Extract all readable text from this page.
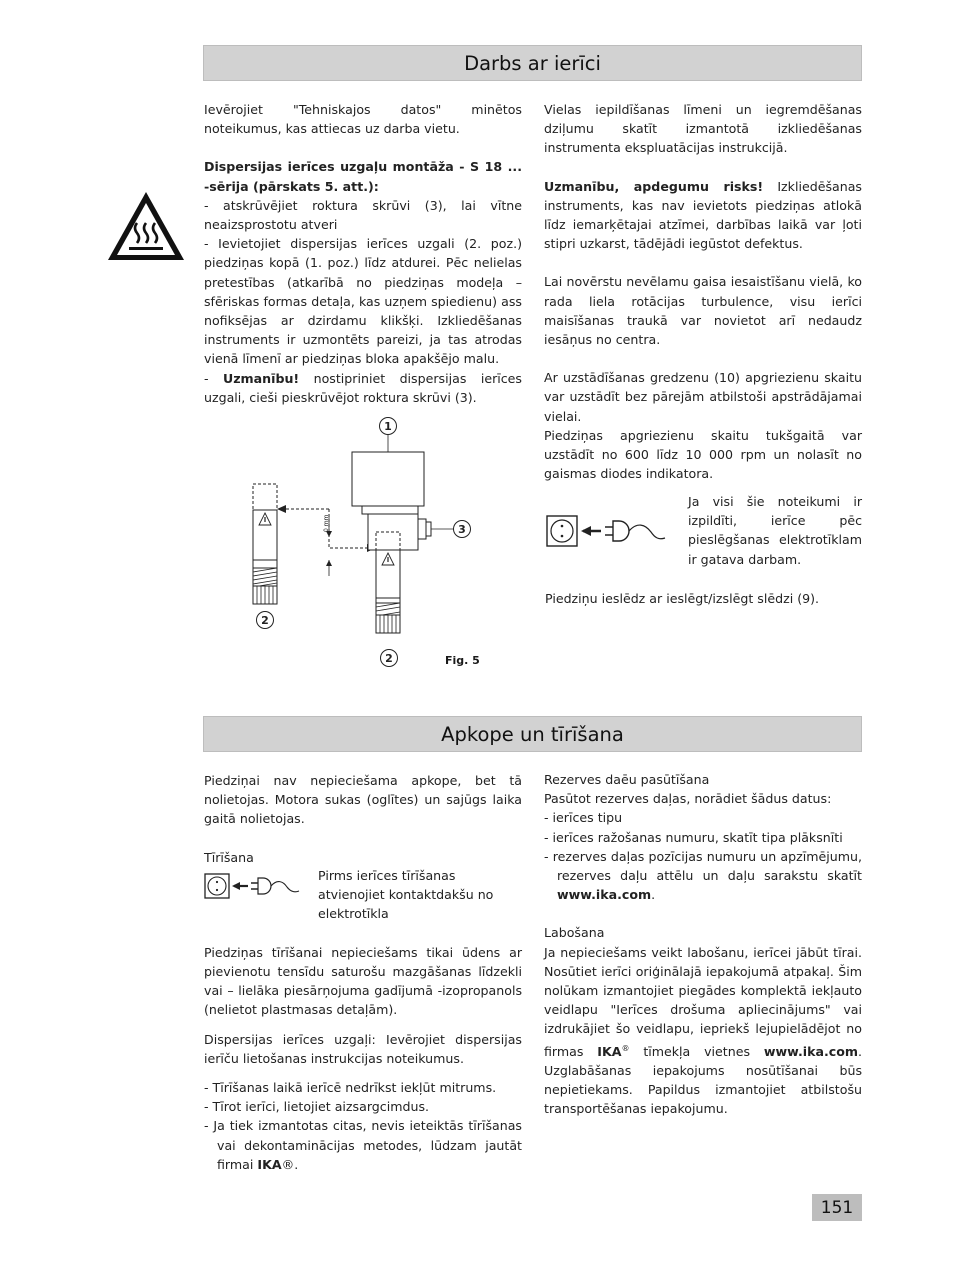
Darbs ar ierīci

Ievērojiet "Tehniskajos datos" minētos noteikumus, kas attiecas uz darba vietu.

Dispersijas ierīces uzgaļu montāža - S 18 ... -sērija (pārskats 5. att.):

- atskrūvējiet roktura skrūvi (3), lai vītne neaizsprostotu atveri

- Ievietojiet dispersijas ierīces uzgali (2. poz.) piedziņas kopā (1. poz.) līdz atdurei. Pēc nelielas pretestības (atkarībā no piedziņas modeļa – sfēriskas formas detaļa, kas uzņem spiedienu) ass nofiksējas ar dzirdamu klikšķi. Izkliedēšanas instruments ir uzmontēts pareizi, ja tas atrodas vienā līmenī ar piedziņas bloka apakšējo malu.

- Uzmanību! nostipriniet dispersijas ierīces uzgali, cieši pieskrūvējot roktura skrūvi (3).

2
0 mm
1
3
2	Fig. 5

Vielas iepildīšanas līmeni un iegremdēšanas dziļumu skatīt izmantotā izkliedēšanas instrumenta ekspluatācijas instrukcijā.

Uzmanību, apdegumu risks! Izkliedēšanas instruments, kas nav ievietots piedziņas atlokā līdz iemarķētajai atzīmei, darbības laikā var ļoti stipri uzkarst, tādējādi iegūstot defektus.

Lai novērstu nevēlamu gaisa iesaistīšanu vielā, ko rada liela rotācijas turbulence, visu ierīci maisīšanas traukā var novietot arī nedaudz iesāņus no centra.

Ar uzstādīšanas gredzenu (10) apgriezienu skaitu var uzstādīt bez pārejām atbilstoši apstrādājamai vielai.

Piedziņas apgriezienu skaitu tukšgaitā var uzstādīt no 600 līdz 10 000 rpm un nolasīt no gaismas diodes indikatora.

Ja visi šie noteikumi ir izpildīti, ierīce pēc pieslēgšanas elektrotīklam ir gatava darbam.

Piedziņu ieslēdz ar ieslēgt/izslēgt slēdzi (9).

Apkope un tīrīšana

Piedziņai nav nepieciešama apkope, bet tā nolietojas. Motora sukas (oglītes) un sajūgs laika gaitā nolietojas.

Tīrīšana

Piedziņas tīrīšanai nepieciešams tikai ūdens ar pievienotu tensīdu saturošu mazgāšanas līdzekli vai – lielāka piesārņojuma gadījumā -izopropanols (nelietot plastmasas detaļām).

Dispersijas ierīces uzgaļi: Ievērojiet dispersijas ierīču lietošanas instrukcijas noteikumus.

- Tīrīšanas laikā ierīcē nedrīkst iekļūt mitrums.

- Tīrot ierīci, lietojiet aizsargcimdus.

- Ja tiek izmantotas citas, nevis ieteiktās tīrīšanas vai dekontaminācijas metodes, lūdzam jautāt firmai IKA®.

Pirms ierīces tīrīšanas atvienojiet kontaktdakšu no elektrotīkla

Rezerves daēu pasūtīšana

Pasūtot rezerves daļas, norādiet šādus datus:

- ierīces tipu

- ierīces ražošanas numuru, skatīt tipa plāksnīti

- rezerves daļas pozīcijas numuru un apzīmējumu, rezerves daļu attēlu un daļu sarakstu skatīt www.ika.com.

Labošana

Ja nepieciešams veikt labošanu, ierīcei jābūt tīrai. Nosūtiet ierīci oriģinālajā iepakojumā atpakaļ. Šim nolūkam izmantojiet piegādes komplektā iekļauto veidlapu "Ierīces drošuma apliecinājums" vai izdrukājiet šo veidlapu, iepriekš lejupielādējot no firmas IKA® tīmekļa vietnes www.ika.com. Uzglabāšanas iepakojums nosūtīšanai būs nepietiekams. Papildus izmantojiet atbilstošu transportēšanas iepakojumu.

151
